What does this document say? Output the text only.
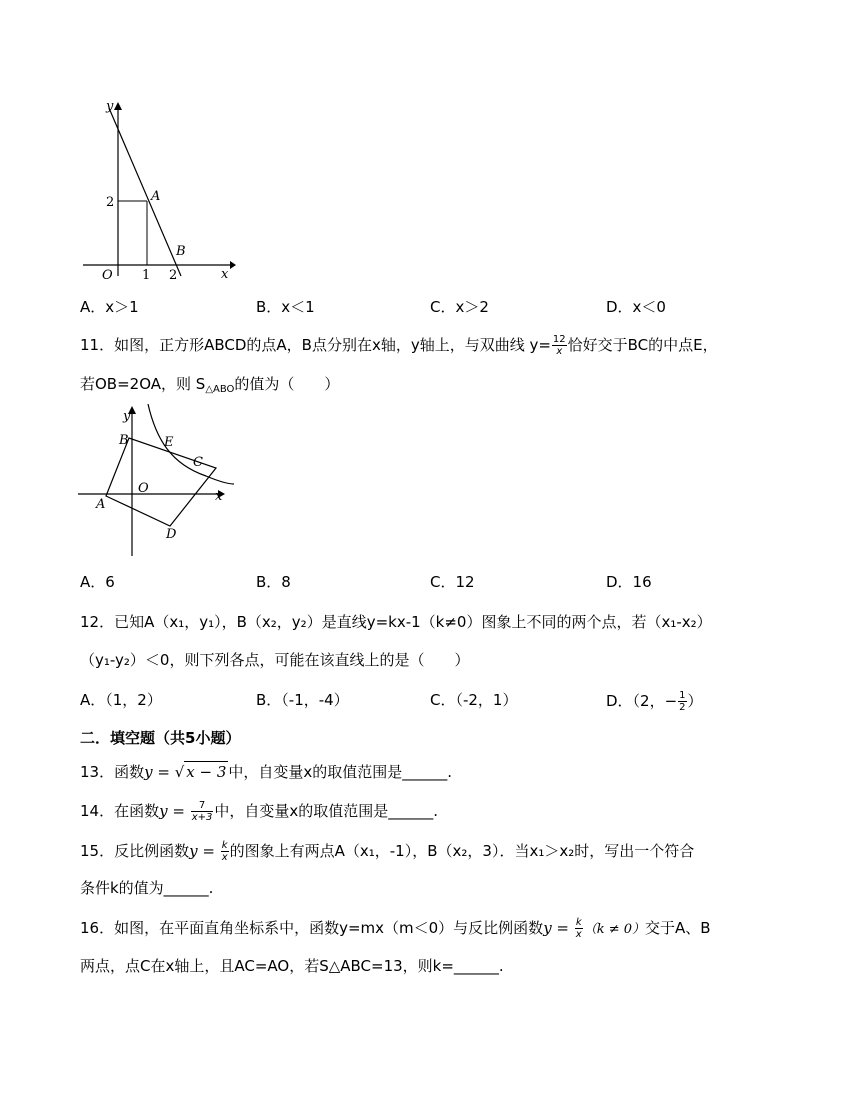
y
x
O 1 2
2	A
B
A．x＞1	B．x＜1	C．x＞2	D．x＜0
11．如图，正方形ABCD的点A，B点分别在x轴，y轴上，与双曲线 $y= \frac{12}{x}$ 恰好交于BC的中点E，
若OB=2OA，则 $S_{\triangle ABO}$的值为（　　）
y
x
O
A
B
C
D
E
A．6	B．8	C．12	D．16
12．已知A（x₁，y₁），B（x₂，y₂）是直线y=kx-1（k≠0）图象上不同的两个点，若（x₁-x₂）
（y₁-y₂）＜0，则下列各点，可能在该直线上的是（　　）
A．（1，2）	B．（-1，-4）	C．（-2，1）	D．（2，− $\frac{1}{2}$ ）
二．填空题（共5小题）
13．函数y = √ x − 3 中，自变量x的取值范围是______.
14．在函数$y = \frac{7}{x+3}$ 中，自变量x的取值范围是______.
15．反比例函数$y = \frac{k}{x}$ 的图象上有两点A（x₁，-1），B（x₂，3）．当x₁＞x₂时，写出一个符合
条件k的值为______.
16．如图，在平面直角坐标系中，函数y=mx（m＜0）与反比例函数$y = \frac{k}{x} (k \ne 0)$交于A、B
两点，点C在x轴上，且AC=AO，若S△ABC=13，则k=______.
